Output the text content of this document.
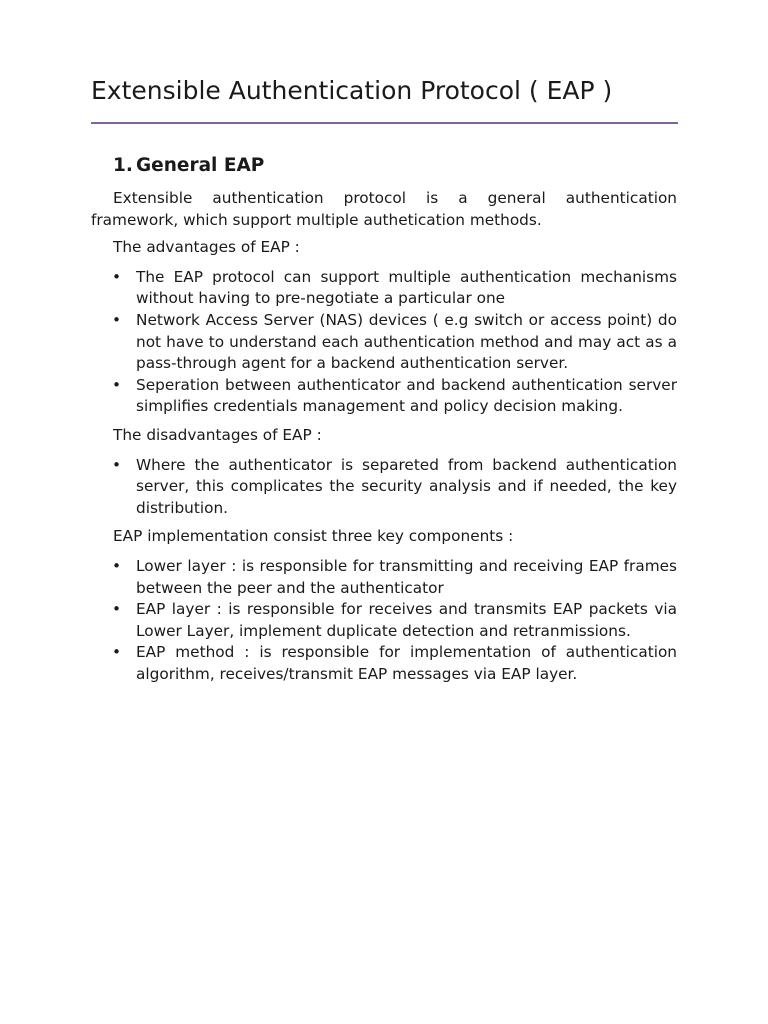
Extensible Authentication Protocol ( EAP )
1. General EAP

Extensible authentication protocol is a general authentication framework, which support multiple authetication methods.

The advantages of EAP :

• The EAP protocol can support multiple authentication mechanisms without having to pre-negotiate a particular one
• Network Access Server (NAS) devices ( e.g switch or access point) do not have to understand each authentication method and may act as a pass-through agent for a backend authentication server.
• Seperation between authenticator and backend authentication server simplifies credentials management and policy decision making.

The disadvantages of EAP :

• Where the authenticator is separeted from backend authentication server, this complicates the security analysis and if needed, the key distribution.

EAP implementation consist three key components :

• Lower layer : is responsible for transmitting and receiving EAP frames between the peer and the authenticator
• EAP layer : is responsible for receives and transmits EAP packets via Lower Layer, implement duplicate detection and retranmissions.
• EAP method : is responsible for implementation of authentication algorithm, receives/transmit EAP messages via EAP layer.
